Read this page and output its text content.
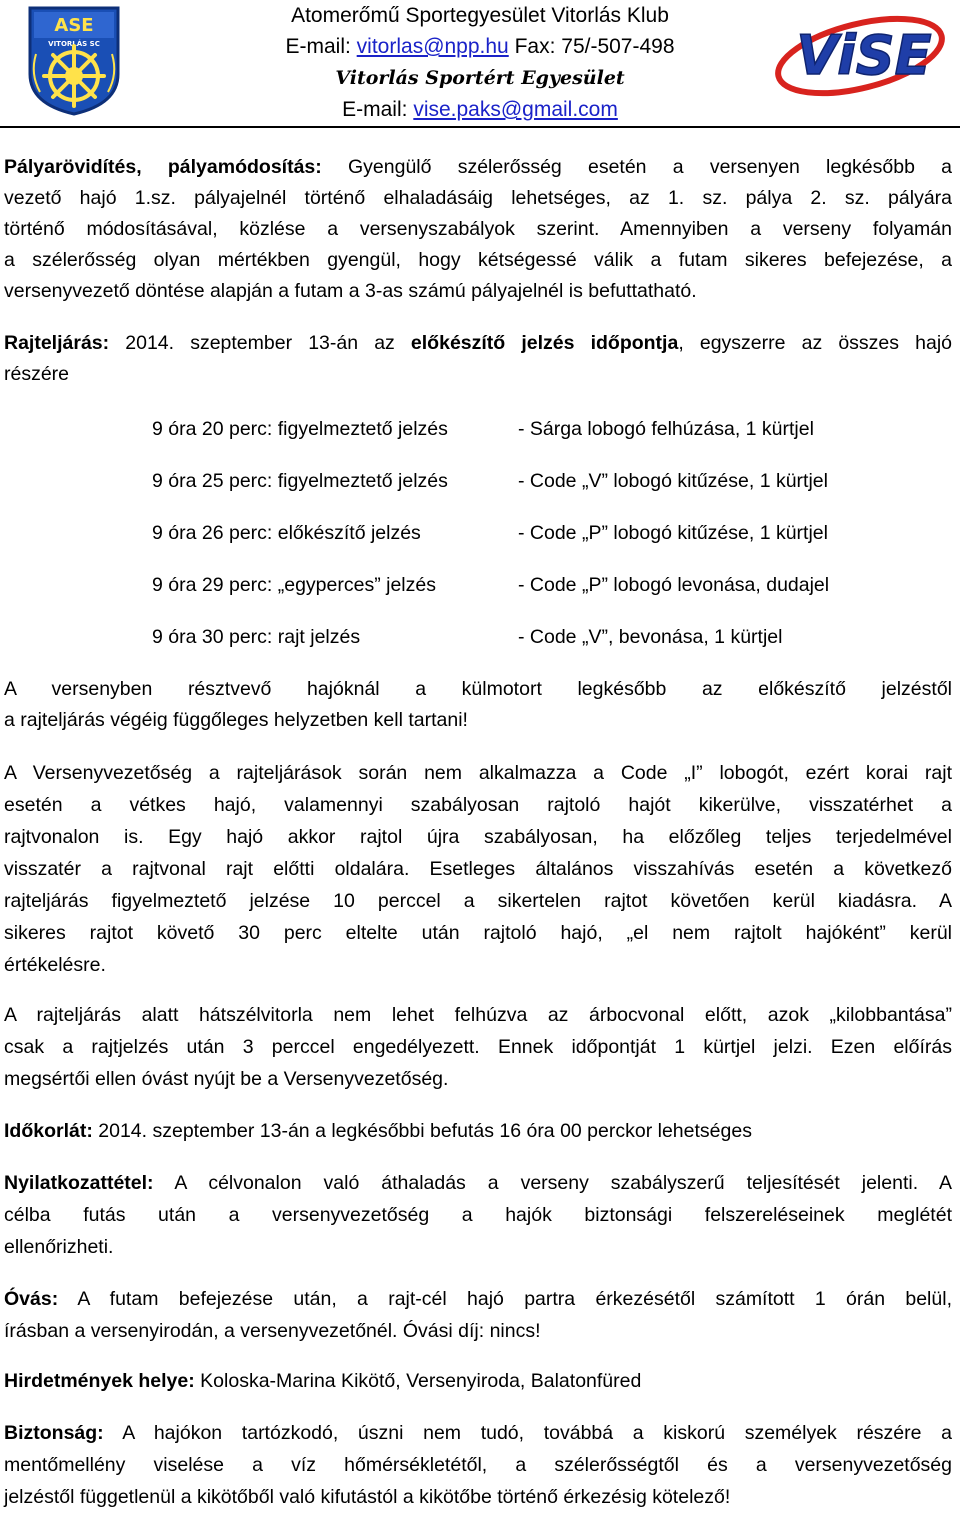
ASE
VITORLÁS SC
Atomerőmű Sportegyesület Vitorlás Klub
E-mail: vitorlas@npp.hu Fax: 75/-507-498
Vitorlás Sportért Egyesület
E-mail: vise.paks@gmail.com
ViSE
Pályarövidítés, pályamódosítás: Gyengülő szélerősség esetén a versenyen legkésőbb a
vezető hajó 1.sz. pályajelnél történő elhaladásáig lehetséges, az 1. sz. pálya 2. sz. pályára
történő módosításával, közlése a versenyszabályok szerint. Amennyiben a verseny folyamán
a szélerősség olyan mértékben gyengül, hogy kétségessé válik a futam sikeres befejezése, a
versenyvezető döntése alapján a futam a 3-as számú pályajelnél is befuttatható.
Rajteljárás: 2014. szeptember 13-án az előkészítő jelzés időpontja, egyszerre az összes hajó
részére
9 óra 20 perc: figyelmeztető jelzés	- Sárga lobogó felhúzása, 1 kürtjel
9 óra 25 perc: figyelmeztető jelzés	- Code „V” lobogó kitűzése, 1 kürtjel
9 óra 26 perc: előkészítő jelzés	- Code „P” lobogó kitűzése, 1 kürtjel
9 óra 29 perc: „egyperces” jelzés	- Code „P” lobogó levonása, dudajel
9 óra 30 perc: rajt jelzés	- Code „V”, bevonása, 1 kürtjel
A versenyben résztvevő hajóknál a külmotort legkésőbb az előkészítő jelzéstől
a rajteljárás végéig függőleges helyzetben kell tartani!
A Versenyvezetőség a rajteljárások során nem alkalmazza a Code „I” lobogót, ezért korai rajt
esetén a vétkes hajó, valamennyi szabályosan rajtoló hajót kikerülve, visszatérhet a
rajtvonalon is. Egy hajó akkor rajtol újra szabályosan, ha előzőleg teljes terjedelmével
visszatér a rajtvonal rajt előtti oldalára. Esetleges általános visszahívás esetén a következő
rajteljárás figyelmeztető jelzése 10 perccel a sikertelen rajtot követően kerül kiadásra. A
sikeres rajtot követő 30 perc eltelte után rajtoló hajó, „el nem rajtolt hajóként” kerül
értékelésre.
A rajteljárás alatt hátszélvitorla nem lehet felhúzva az árbocvonal előtt, azok „kilobbantása”
csak a rajtjelzés után 3 perccel engedélyezett. Ennek időpontját 1 kürtjel jelzi. Ezen előírás
megsértői ellen óvást nyújt be a Versenyvezetőség.
Időkorlát: 2014. szeptember 13-án a legkésőbbi befutás 16 óra 00 perckor lehetséges
Nyilatkozattétel: A célvonalon való áthaladás a verseny szabályszerű teljesítését jelenti. A
célba futás után a versenyvezetőség a hajók biztonsági felszereléseinek meglétét
ellenőrizheti.
Óvás: A futam befejezése után, a rajt-cél hajó partra érkezésétől számított 1 órán belül,
írásban a versenyirodán, a versenyvezetőnél. Óvási díj: nincs!
Hirdetmények helye: Koloska-Marina Kikötő, Versenyiroda, Balatonfüred
Biztonság: A hajókon tartózkodó, úszni nem tudó, továbbá a kiskorú személyek részére a
mentőmellény viselése a víz hőmérsékletétől, a szélerősségtől és a versenyvezetőség
jelzéstől függetlenül a kikötőből való kifutástól a kikötőbe történő érkezésig kötelező!
